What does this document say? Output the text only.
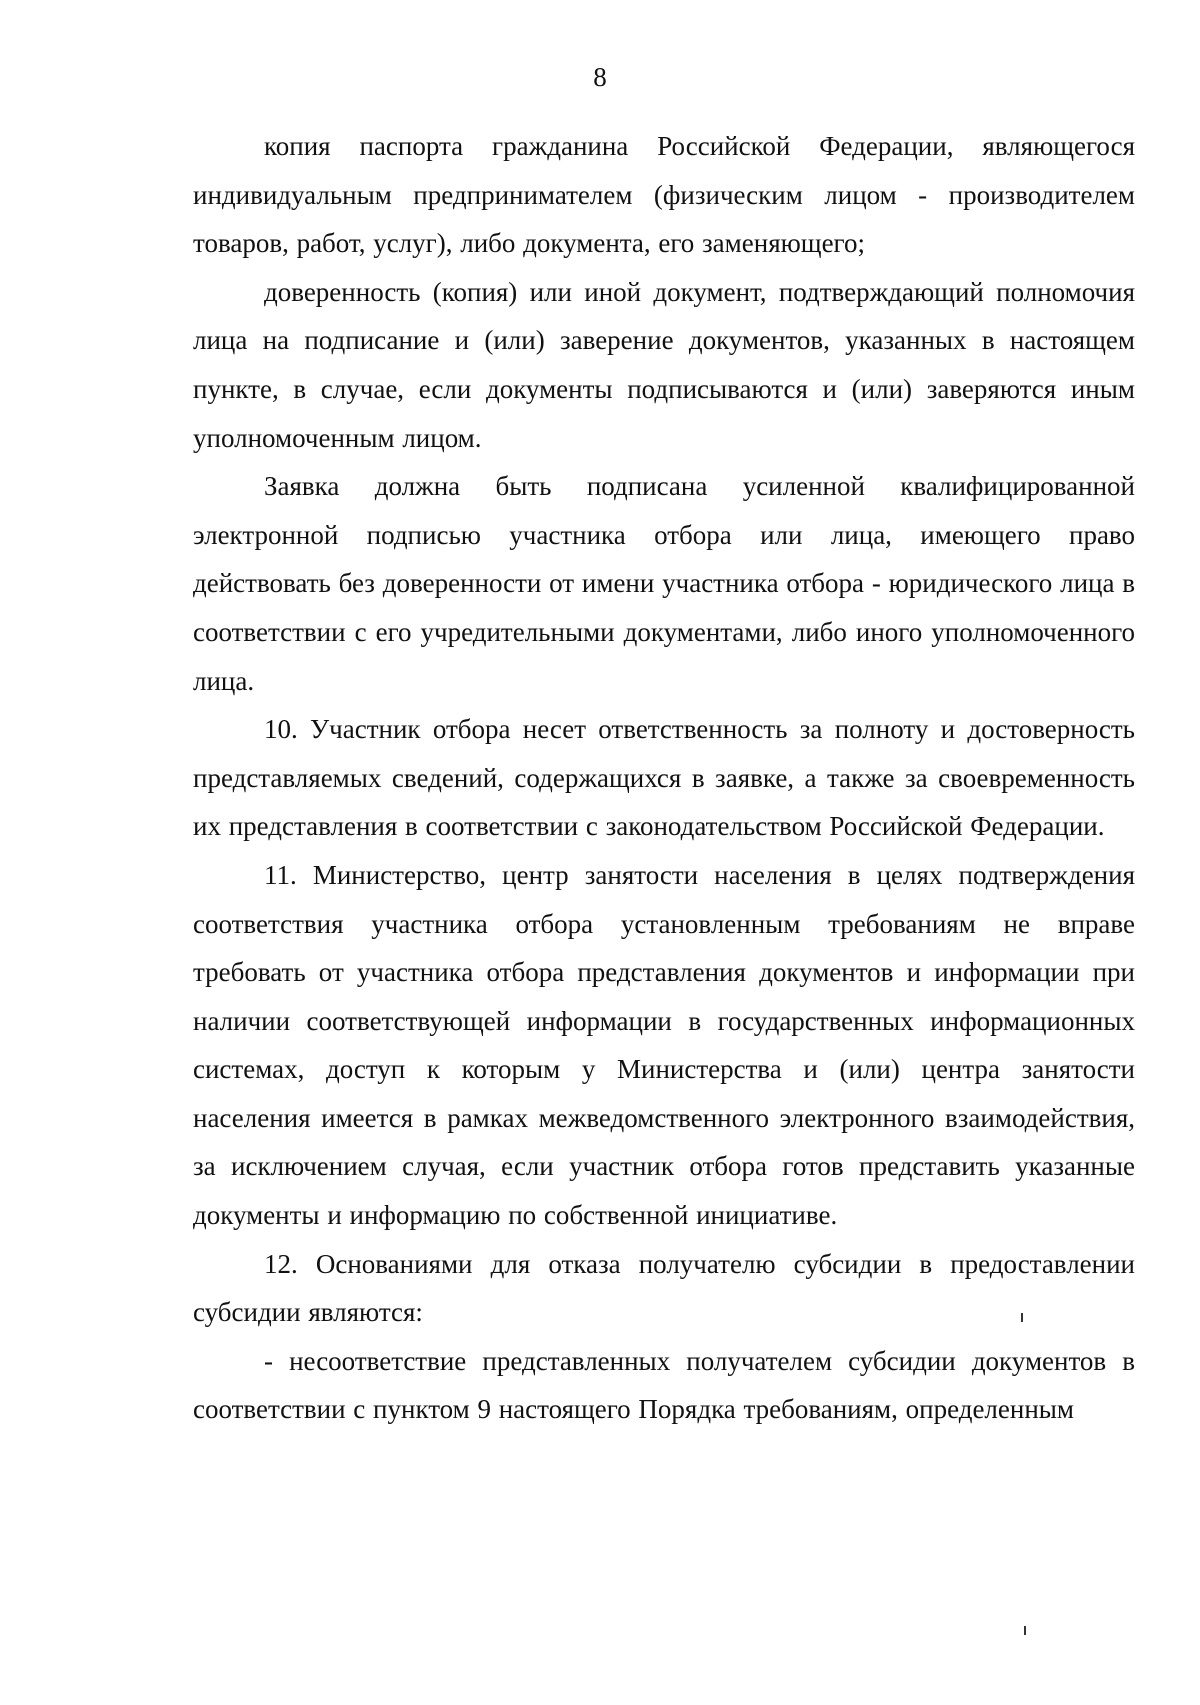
8

копия паспорта гражданина Российской Федерации, являющегося индивидуальным предпринимателем (физическим лицом - производителем товаров, работ, услуг), либо документа, его заменяющего;

доверенность (копия) или иной документ, подтверждающий полномочия лица на подписание и (или) заверение документов, указанных в настоящем пункте, в случае, если документы подписываются и (или) заверяются иным уполномоченным лицом.

Заявка должна быть подписана усиленной квалифицированной электронной подписью участника отбора или лица, имеющего право действовать без доверенности от имени участника отбора - юридического лица в соответствии с его учредительными документами, либо иного уполномоченного лица.

10. Участник отбора несет ответственность за полноту и достоверность представляемых сведений, содержащихся в заявке, а также за своевременность их представления в соответствии с законодательством Российской Федерации.

11. Министерство, центр занятости населения в целях подтверждения соответствия участника отбора установленным требованиям не вправе требовать от участника отбора представления документов и информации при наличии соответствующей информации в государственных информационных системах, доступ к которым у Министерства и (или) центра занятости населения имеется в рамках межведомственного электронного взаимодействия, за исключением случая, если участник отбора готов представить указанные документы и информацию по собственной инициативе.

12. Основаниями для отказа получателю субсидии в предоставлении субсидии являются:

- несоответствие представленных получателем субсидии документов в соответствии с пунктом 9 настоящего Порядка требованиям, определенным
